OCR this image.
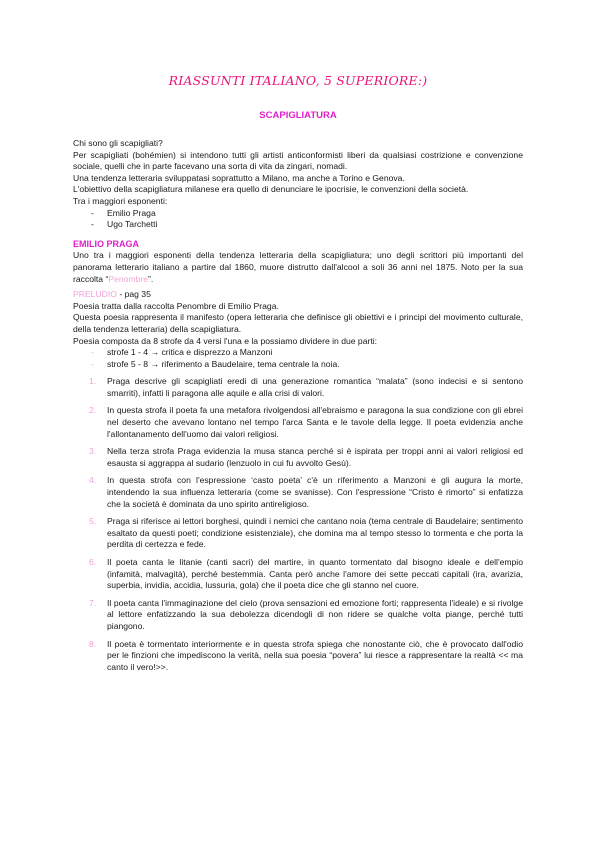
RIASSUNTI ITALIANO, 5 SUPERIORE:)
SCAPIGLIATURA

Chi sono gli scapigliati?

Per scapigliati (bohémien) si intendono tutti gli artisti anticonformisti liberi da qualsiasi costrizione e convenzione sociale, quelli che in parte facevano una sorta di vita da zingari, nomadi.

Una tendenza letteraria sviluppatasi soprattutto a Milano, ma anche a Torino e Genova.

L'obiettivo della scapigliatura milanese era quello di denunciare le ipocrisie, le convenzioni della società.

Tra i maggiori esponenti:

- Emilio Praga
- Ugo Tarchetti

EMILIO PRAGA

Uno tra i maggiori esponenti della tendenza letteraria della scapigliatura; uno degli scrittori più importanti del panorama letterario italiano a partire dal 1860, muore distrutto dall'alcool a soli 36 anni nel 1875. Noto per la sua raccolta “Penombre”.

PRELUDIO - pag 35

Poesia tratta dalla raccolta Penombre di Emilio Praga.

Questa poesia rappresenta il manifesto (opera letteraria che definisce gli obiettivi e i principi del movimento culturale, della tendenza letteraria) della scapigliatura.

Poesia composta da 8 strofe da 4 versi l'una e la possiamo dividere in due parti:

- strofe 1 - 4 → critica e disprezzo a Manzoni
- strofe 5 - 8 → riferimento a Baudelaire, tema centrale la noia.
1. Praga descrive gli scapigliati eredi di una generazione romantica “malata” (sono indecisi e si sentono smarriti), infatti li paragona alle aquile e alla crisi di valori.
2. In questa strofa il poeta fa una metafora rivolgendosi all'ebraismo e paragona la sua condizione con gli ebrei nel deserto che avevano lontano nel tempo l'arca Santa e le tavole della legge. Il poeta evidenzia anche l'allontanamento dell'uomo dai valori religiosi.
3. Nella terza strofa Praga evidenzia la musa stanca perché si è ispirata per troppi anni ai valori religiosi ed esausta si aggrappa al sudario (lenzuolo in cui fu avvolto Gesù).
4. In questa strofa con l'espressione ‘casto poeta’ c'è un riferimento a Manzoni e gli augura la morte, intendendo la sua influenza letteraria (come se svanisse). Con l'espressione “Cristo è rimorto” si enfatizza che la società è dominata da uno spirito antireligioso.
5. Praga si riferisce ai lettori borghesi, quindi i nemici che cantano noia (tema centrale di Baudelaire; sentimento esaltato da questi poeti; condizione esistenziale), che domina ma al tempo stesso lo tormenta e che porta la perdita di certezza e fede.
6. Il poeta canta le litanie (canti sacri) del martire, in quanto tormentato dal bisogno ideale e dell'empio (infamità, malvagità), perché bestemmia. Canta però anche l'amore dei sette peccati capitali (ira, avarizia, superbia, invidia, accidia, lussuria, gola) che il poeta dice che gli stanno nel cuore.
7. Il poeta canta l'immaginazione del cielo (prova sensazioni ed emozione forti; rappresenta l'ideale) e si rivolge al lettore enfatizzando la sua debolezza dicendogli di non ridere se qualche volta piange, perché tutti piangono.
8. Il poeta è tormentato interiormente e in questa strofa spiega che nonostante ciò, che è provocato dall'odio per le finzioni che impediscono la verità, nella sua poesia “povera” lui riesce a rappresentare la realtà << ma canto il vero!>>.
